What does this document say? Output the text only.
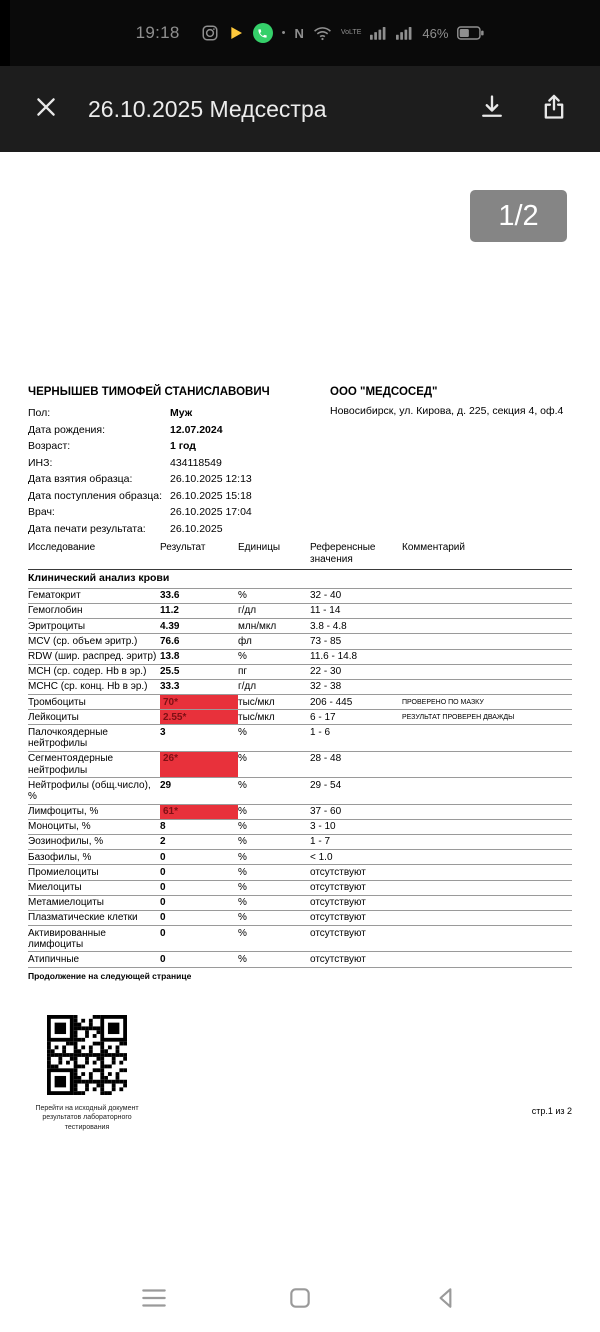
19:18	• N	VoLTE	46%
26.10.2025 Медсестра
1/2
ЧЕРНЫШЕВ ТИМОФЕЙ СТАНИСЛАВОВИЧ
Пол:	Муж
Дата рождения:	12.07.2024
Возраст:	1 год
ИНЗ:	434118549
Дата взятия образца:	26.10.2025 12:13
Дата поступления образца: 26.10.2025 15:18
Врач:	26.10.2025 17:04
Дата печати результата: 26.10.2025
ООО "МЕДСОСЕД"
Новосибирск, ул. Кирова, д. 225, секция 4, оф.4
Исследование	Результат	Единицы	Референсные значения	Комментарий
Клинический анализ крови				
Гематокрит	33.6	%	32 - 40	
Гемоглобин	11.2	г/дл	11 - 14	
Эритроциты	4.39	млн/мкл	3.8 - 4.8	
MCV (ср. объем эритр.)	76.6	фл	73 - 85	
RDW (шир. распред. эритр)	13.8	%	11.6 - 14.8	
MCH (ср. содер. Hb в эр.)	25.5	пг	22 - 30	
MCHC (ср. конц. Hb в эр.)	33.3	г/дл	32 - 38	
Тромбоциты	70*	тыс/мкл	206 - 445	ПРОВЕРЕНО ПО МАЗКУ
Лейкоциты	2.55*	тыс/мкл	6 - 17	РЕЗУЛЬТАТ ПРОВЕРЕН ДВАЖДЫ
Палочкоядерные нейтрофилы	3	%	1 - 6	
Сегментоядерные нейтрофилы	26*	%	28 - 48	
Нейтрофилы (общ.число), %	29	%	29 - 54	
Лимфоциты, %	61*	%	37 - 60	
Моноциты, %	8	%	3 - 10	
Эозинофилы, %	2	%	1 - 7	
Базофилы, %	0	%	< 1.0	
Промиелоциты	0	%	отсутствуют	
Миелоциты	0	%	отсутствуют	
Метамиелоциты	0	%	отсутствуют	
Плазматические клетки	0	%	отсутствуют	
Активированные лимфоциты	0	%	отсутствуют	
Атипичные	0	%	отсутствуют	
Продолжение на следующей странице
Перейти на исходный документ результатов лабораторного тестирования
стр.1 из 2
